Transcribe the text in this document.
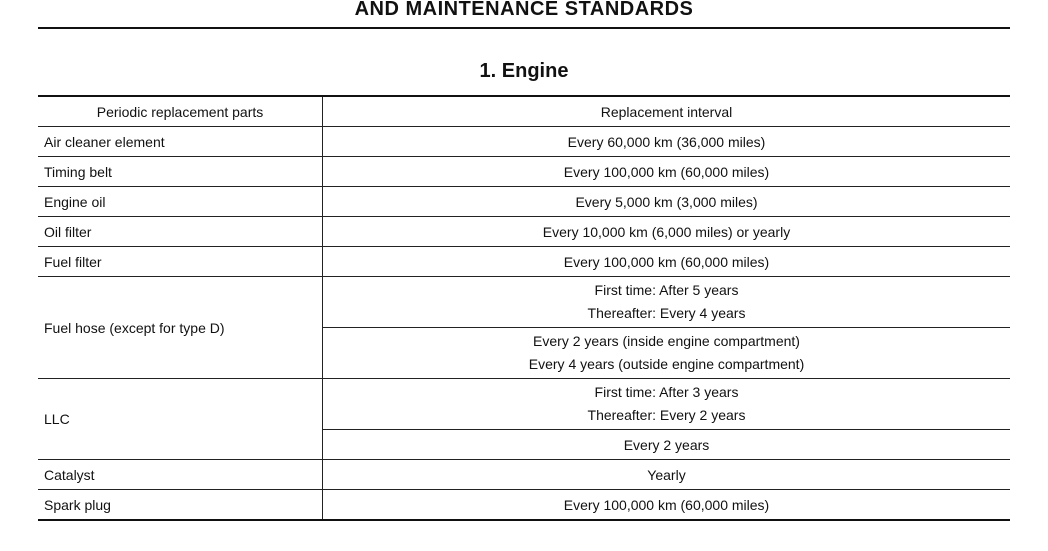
AND MAINTENANCE STANDARDS
1. Engine
Periodic replacement parts	Replacement interval
Air cleaner element	Every 60,000 km (36,000 miles)
Timing belt	Every 100,000 km (60,000 miles)
Engine oil	Every 5,000 km (3,000 miles)
Oil filter	Every 10,000 km (6,000 miles) or yearly
Fuel filter	Every 100,000 km (60,000 miles)
Fuel hose (except for type D)	First time: After 5 years
Thereafter: Every 4 years

	Every 2 years (inside engine compartment)
Every 4 years (outside engine compartment)

LLC	First time: After 3 years
Thereafter: Every 2 years

	Every 2 years
Catalyst	Yearly
Spark plug	Every 100,000 km (60,000 miles)
